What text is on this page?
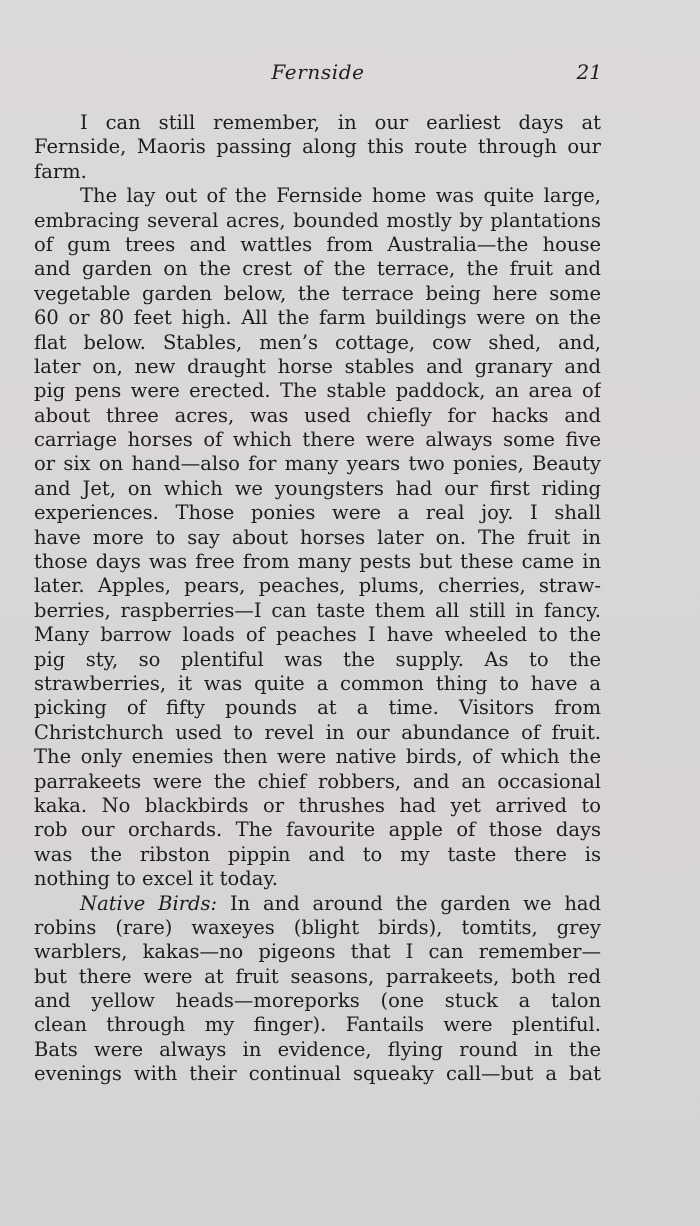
Fernside	21
I can still remember, in our earliest days at
Fernside, Maoris passing along this route through our
farm.
The lay out of the Fernside home was quite large,
embracing several acres, bounded mostly by plantations
of gum trees and wattles from Australia—the house
and garden on the crest of the terrace, the fruit and
vegetable garden below, the terrace being here some
60 or 80 feet high. All the farm buildings were on the
flat below. Stables, men’s cottage, cow shed, and,
later on, new draught horse stables and granary and
pig pens were erected. The stable paddock, an area of
about three acres, was used chiefly for hacks and
carriage horses of which there were always some five
or six on hand—also for many years two ponies, Beauty
and Jet, on which we youngsters had our first riding
experiences. Those ponies were a real joy. I shall
have more to say about horses later on. The fruit in
those days was free from many pests but these came in
later. Apples, pears, peaches, plums, cherries, straw-
berries, raspberries—I can taste them all still in fancy.
Many barrow loads of peaches I have wheeled to the
pig sty, so plentiful was the supply. As to the
strawberries, it was quite a common thing to have a
picking of fifty pounds at a time. Visitors from
Christchurch used to revel in our abundance of fruit.
The only enemies then were native birds, of which the
parrakeets were the chief robbers, and an occasional
kaka. No blackbirds or thrushes had yet arrived to
rob our orchards. The favourite apple of those days
was the ribston pippin and to my taste there is
nothing to excel it today.
Native Birds: In and around the garden we had
robins (rare) waxeyes (blight birds), tomtits, grey
warblers, kakas—no pigeons that I can remember—
but there were at fruit seasons, parrakeets, both red
and yellow heads—moreporks (one stuck a talon
clean through my finger). Fantails were plentiful.
Bats were always in evidence, flying round in the
evenings with their continual squeaky call—but a bat
